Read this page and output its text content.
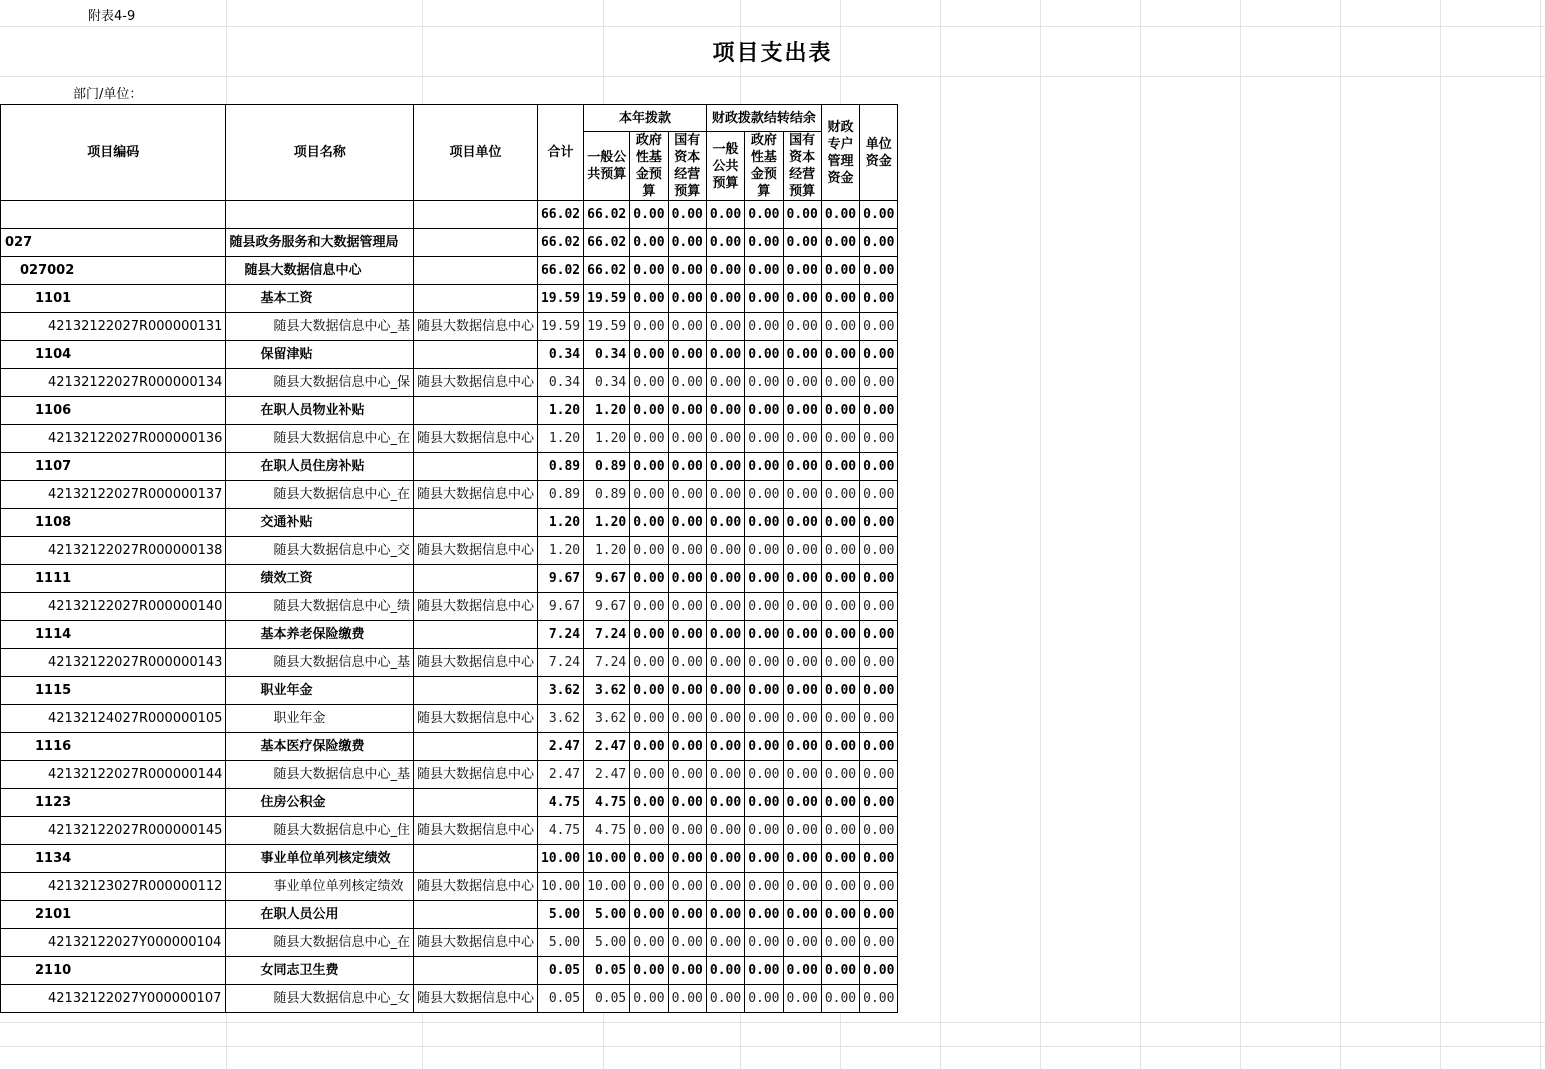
附表4-9
项目支出表
部门/单位：
项目编码	项目名称	项目单位	合计	本年拨款			财政拨款结转结余			财政专户管理资金	单位资金
				一般公共预算	政府性基金预算	国有资本经营预算	一般公共预算	政府性基金预算	国有资本经营预算		
			66.02	66.02	0.00	0.00	0.00	0.00	0.00	0.00	0.00
027	随县政务服务和大数据管理局		66.02	66.02	0.00	0.00	0.00	0.00	0.00	0.00	0.00
027002	随县大数据信息中心		66.02	66.02	0.00	0.00	0.00	0.00	0.00	0.00	0.00
1101	基本工资		19.59	19.59	0.00	0.00	0.00	0.00	0.00	0.00	0.00
42132122027R000000131	随县大数据信息中心_基	随县大数据信息中心	19.59	19.59	0.00	0.00	0.00	0.00	0.00	0.00	0.00
1104	保留津贴		0.34	0.34	0.00	0.00	0.00	0.00	0.00	0.00	0.00
42132122027R000000134	随县大数据信息中心_保	随县大数据信息中心	0.34	0.34	0.00	0.00	0.00	0.00	0.00	0.00	0.00
1106	在职人员物业补贴		1.20	1.20	0.00	0.00	0.00	0.00	0.00	0.00	0.00
42132122027R000000136	随县大数据信息中心_在	随县大数据信息中心	1.20	1.20	0.00	0.00	0.00	0.00	0.00	0.00	0.00
1107	在职人员住房补贴		0.89	0.89	0.00	0.00	0.00	0.00	0.00	0.00	0.00
42132122027R000000137	随县大数据信息中心_在	随县大数据信息中心	0.89	0.89	0.00	0.00	0.00	0.00	0.00	0.00	0.00
1108	交通补贴		1.20	1.20	0.00	0.00	0.00	0.00	0.00	0.00	0.00
42132122027R000000138	随县大数据信息中心_交	随县大数据信息中心	1.20	1.20	0.00	0.00	0.00	0.00	0.00	0.00	0.00
1111	绩效工资		9.67	9.67	0.00	0.00	0.00	0.00	0.00	0.00	0.00
42132122027R000000140	随县大数据信息中心_绩	随县大数据信息中心	9.67	9.67	0.00	0.00	0.00	0.00	0.00	0.00	0.00
1114	基本养老保险缴费		7.24	7.24	0.00	0.00	0.00	0.00	0.00	0.00	0.00
42132122027R000000143	随县大数据信息中心_基	随县大数据信息中心	7.24	7.24	0.00	0.00	0.00	0.00	0.00	0.00	0.00
1115	职业年金		3.62	3.62	0.00	0.00	0.00	0.00	0.00	0.00	0.00
42132124027R000000105	职业年金	随县大数据信息中心	3.62	3.62	0.00	0.00	0.00	0.00	0.00	0.00	0.00
1116	基本医疗保险缴费		2.47	2.47	0.00	0.00	0.00	0.00	0.00	0.00	0.00
42132122027R000000144	随县大数据信息中心_基	随县大数据信息中心	2.47	2.47	0.00	0.00	0.00	0.00	0.00	0.00	0.00
1123	住房公积金		4.75	4.75	0.00	0.00	0.00	0.00	0.00	0.00	0.00
42132122027R000000145	随县大数据信息中心_住	随县大数据信息中心	4.75	4.75	0.00	0.00	0.00	0.00	0.00	0.00	0.00
1134	事业单位单列核定绩效		10.00	10.00	0.00	0.00	0.00	0.00	0.00	0.00	0.00
42132123027R000000112	事业单位单列核定绩效	随县大数据信息中心	10.00	10.00	0.00	0.00	0.00	0.00	0.00	0.00	0.00
2101	在职人员公用		5.00	5.00	0.00	0.00	0.00	0.00	0.00	0.00	0.00
42132122027Y000000104	随县大数据信息中心_在	随县大数据信息中心	5.00	5.00	0.00	0.00	0.00	0.00	0.00	0.00	0.00
2110	女同志卫生费		0.05	0.05	0.00	0.00	0.00	0.00	0.00	0.00	0.00
42132122027Y000000107	随县大数据信息中心_女	随县大数据信息中心	0.05	0.05	0.00	0.00	0.00	0.00	0.00	0.00	0.00
